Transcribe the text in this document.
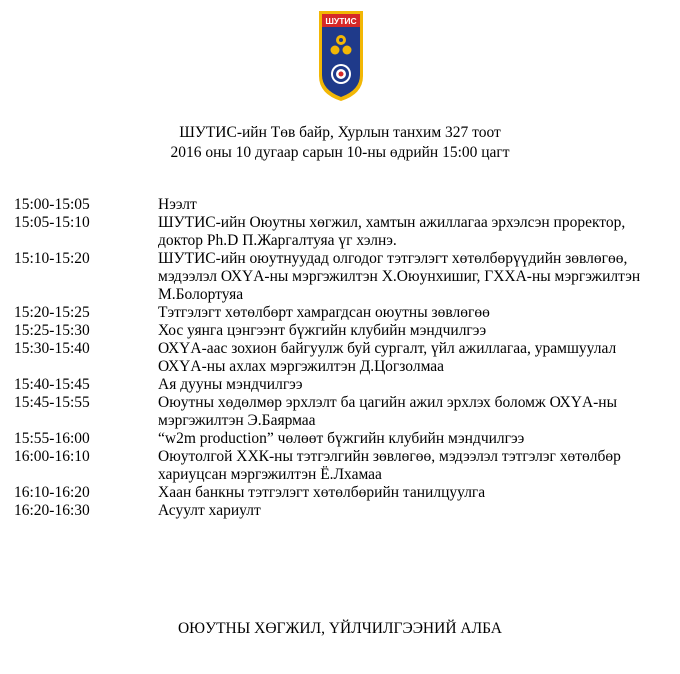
ШУТИС
ШУТИС-ийн Төв байр, Хурлын танхим 327 тоот
2016 оны 10 дугаар сарын 10-ны өдрийн 15:00 цагт
15:00-15:05	Нээлт
15:05-15:10	ШУТИС-ийн Оюутны хөгжил, хамтын ажиллагаа эрхэлсэн проректор,
доктор Ph.D П.Жаргалтуяа үг хэлнэ.
15:10-15:20	ШУТИС-ийн оюутнуудад олгодог тэтгэлэгт хөтөлбөрүүдийн зөвлөгөө,
мэдээлэл ОХҮА-ны мэргэжилтэн Х.Оюунхишиг, ГХХА-ны мэргэжилтэн
М.Болортуяа
15:20-15:25	Тэтгэлэгт хөтөлбөрт хамрагдсан оюутны зөвлөгөө
15:25-15:30	Хос уянга цэнгээнт бүжгийн клубийн мэндчилгээ
15:30-15:40	ОХҮА-аас зохион байгуулж буй сургалт, үйл ажиллагаа, урамшуулал
ОХҮА-ны ахлах мэргэжилтэн Д.Цогзолмаа
15:40-15:45	Ая дууны мэндчилгээ
15:45-15:55	Оюутны хөдөлмөр эрхлэлт ба цагийн ажил эрхлэх боломж ОХҮА-ны
мэргэжилтэн Э.Баярмаа
15:55-16:00	“w2m production” чөлөөт бүжгийн клубийн мэндчилгээ
16:00-16:10	Оюутолгой ХХК-ны тэтгэлгийн зөвлөгөө, мэдээлэл тэтгэлэг хөтөлбөр
хариуцсан мэргэжилтэн Ё.Лхамаа
16:10-16:20	Хаан банкны тэтгэлэгт хөтөлбөрийн танилцуулга
16:20-16:30	Асуулт хариулт
ОЮУТНЫ ХӨГЖИЛ, ҮЙЛЧИЛГЭЭНИЙ АЛБА
